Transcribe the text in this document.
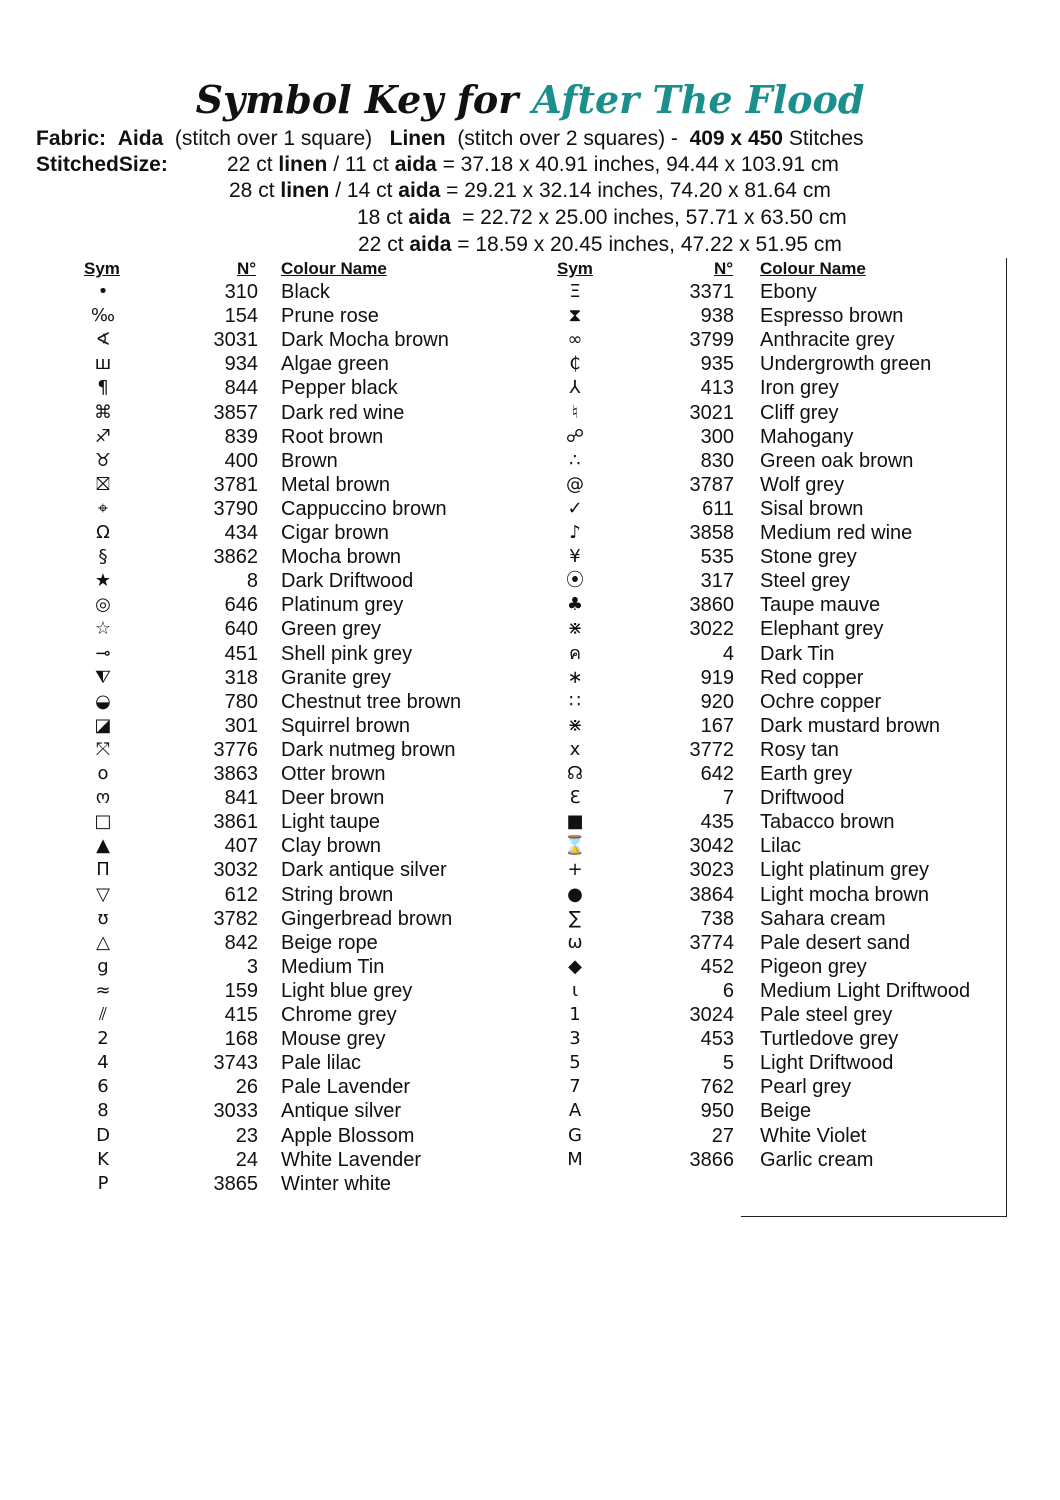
Symbol Key for After The Flood
Fabric: Aida (stitch over 1 square) Linen (stitch over 2 squares) - 409 x 450 Stitches
StitchedSize:	22 ct linen / 11 ct aida = 37.18 x 40.91 inches, 94.44 x 103.91 cm
28 ct linen / 14 ct aida = 29.21 x 32.14 inches, 74.20 x 81.64 cm
18 ct aida  = 22.72 x 25.00 inches, 57.71 x 63.50 cm
22 ct aida = 18.59 x 20.45 inches, 47.22 x 51.95 cm
Sym	N° Colour Name	Sym	N° Colour Name
•	310 Black
‰	154 Prune rose
∢	3031 Dark Mocha brown
ш	934 Algae green
¶	844 Pepper black
⌘	3857 Dark red wine
♐	839 Root brown
♉	400 Brown
⛝	3781 Metal brown
⌖	3790 Cappuccino brown
Ω	434 Cigar brown
§	3862 Mocha brown
★	8 Dark Driftwood
◎	646 Platinum grey
☆	640 Green grey
⊸	451 Shell pink grey
⧨	318 Granite grey
◒	780 Chestnut tree brown
◪	301 Squirrel brown
⤧	3776 Dark nutmeg brown
o	3863 Otter brown
ო	841 Deer brown
□	3861 Light taupe
▲	407 Clay brown
Π	3032 Dark antique silver
▽	612 String brown
ʊ	3782 Gingerbread brown
△	842 Beige rope
g	3 Medium Tin
≈	159 Light blue grey
⫽	415 Chrome grey
2	168 Mouse grey
4	3743 Pale lilac
6	26 Pale Lavender
8	3033 Antique silver
D	23 Apple Blossom
K	24 White Lavender
P	3865 Winter white
Ξ	3371 Ebony
⧗	938 Espresso brown
∞	3799 Anthracite grey
₵	935 Undergrowth green
⅄	413 Iron grey
♮	3021 Cliff grey
☍	300 Mahogany
∴	830 Green oak brown
@	3787 Wolf grey
✓	611 Sisal brown
♪	3858 Medium red wine
¥	535 Stone grey
⦿	317 Steel grey
♣	3860 Taupe mauve
⋇	3022 Elephant grey
ค	4 Dark Tin
∗	919 Red copper
∷	920 Ochre copper
⋇	167 Dark mustard brown
x	3772 Rosy tan
☊	642 Earth grey
Ɛ	7 Driftwood
■	435 Tabacco brown
⌛	3042 Lilac
+	3023 Light platinum grey
●	3864 Light mocha brown
∑	738 Sahara cream
ω	3774 Pale desert sand
◆	452 Pigeon grey
ɩ	6 Medium Light Driftwood
1	3024 Pale steel grey
3	453 Turtledove grey
5	5 Light Driftwood
7	762 Pearl grey
A	950 Beige
G	27 White Violet
M	3866 Garlic cream
